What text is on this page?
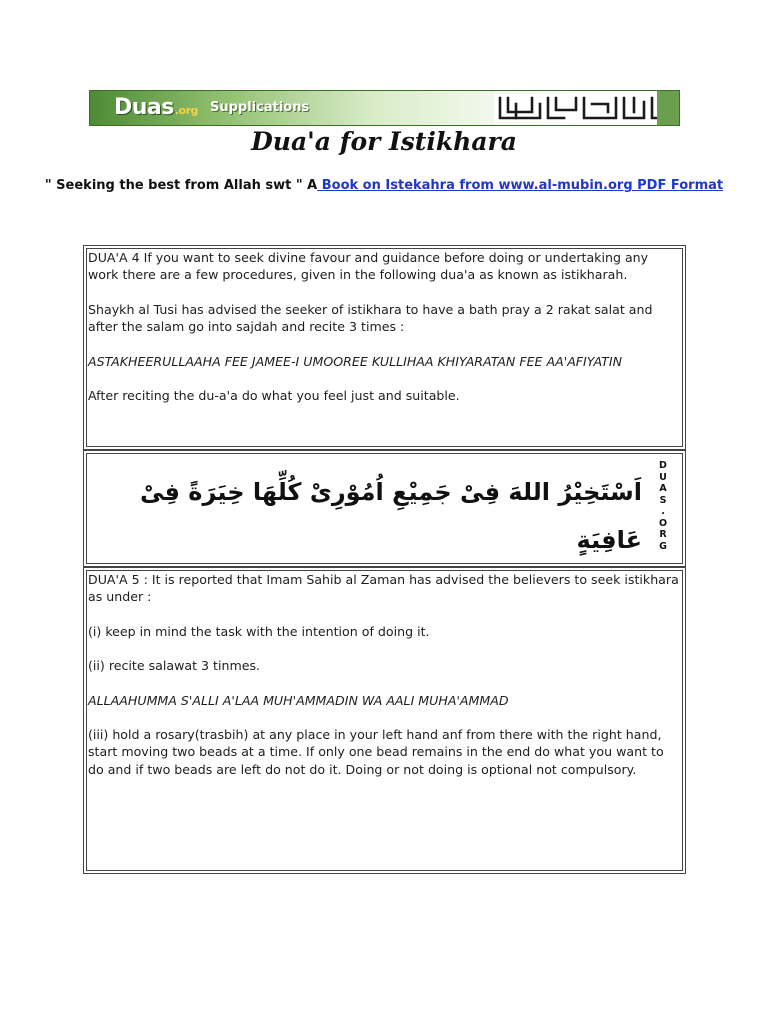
Duas.org Supplications
Dua'a for Istikhara
" Seeking the best from Allah swt " A Book on Istekahra from www.al-mubin.org PDF Format

DUA'A 4 If you want to seek divine favour and guidance before doing or undertaking any work there are a few procedures, given in the following dua'a as known as istikharah.

Shaykh al Tusi has advised the seeker of istikhara to have a bath pray a 2 rakat salat and after the salam go into sajdah and recite 3 times :

ASTAKHEERULLAAHA FEE JAMEE-I UMOOREE KULLIHAA KHIYARATAN FEE AA'AFIYATIN

After reciting the du-a'a do what you feel just and suitable.

اَسْتَخِيْرُ اللهَ فِىْ جَمِيْعِ اُمُوْرِىْ كُلِّهَا خِيَرَةً فِىْ عَافِيَةٍ
D
U
A
S
.
O
R
G

DUA'A 5 : It is reported that Imam Sahib al Zaman has advised the believers to seek istikhara as under :

(i) keep in mind the task with the intention of doing it.

(ii) recite salawat 3 tinmes.

ALLAAHUMMA S'ALLI A'LAA MUH'AMMADIN WA AALI MUHA'AMMAD

(iii) hold a rosary(trasbih) at any place in your left hand anf from there with the right hand, start moving two beads at a time. If only one bead remains in the end do what you want to do and if two beads are left do not do it. Doing or not doing is optional not compulsory.
